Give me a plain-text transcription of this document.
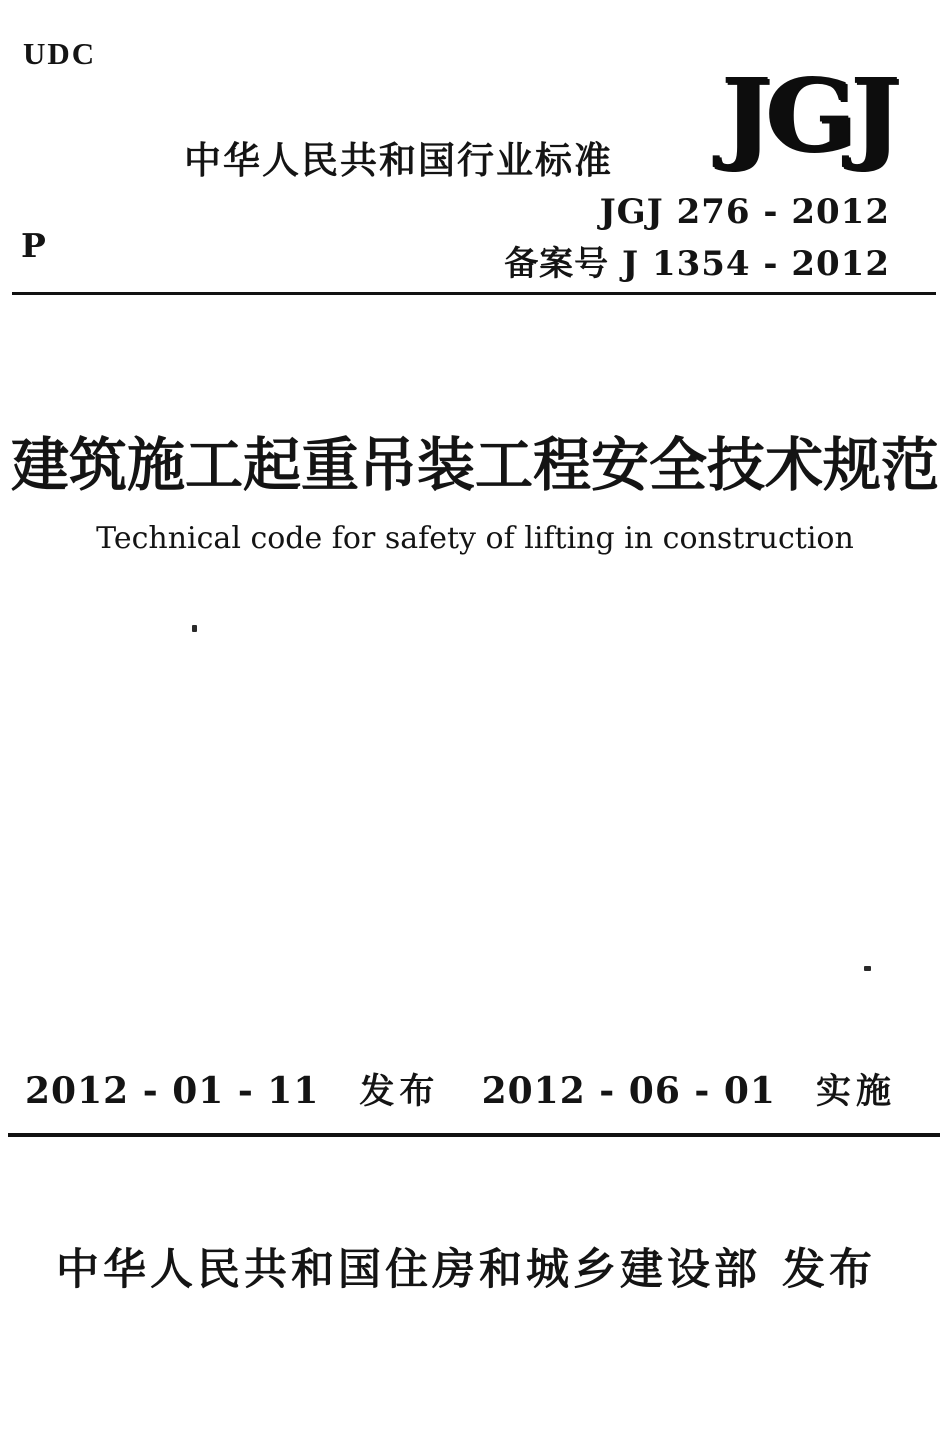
UDC
中华人民共和国行业标准 JGJ
JGJ 276 - 2012
备案号 J 1354 - 2012
P
建筑施工起重吊装工程安全技术规范
Technical code for safety of lifting in construction
2012 - 01 - 11 发布 2012 - 06 - 01 实施
中华人民共和国住房和城乡建设部 发布
